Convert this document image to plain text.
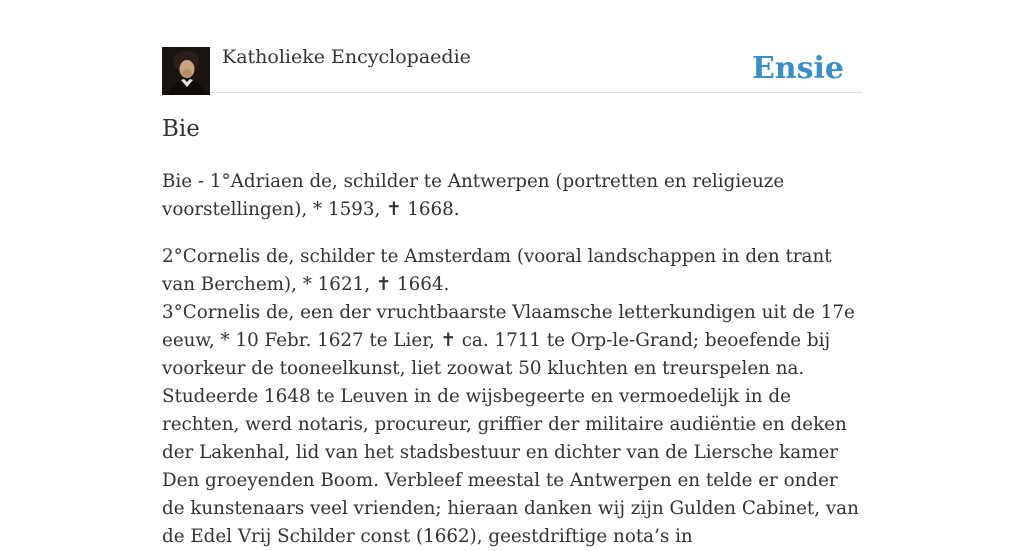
Katholieke Encyclopaedie	Ensie
Bie

Bie - 1°Adriaen de, schilder te Antwerpen (portretten en religieuze voorstellingen), * 1593, ✝ 1668.

2°Cornelis de, schilder te Amsterdam (vooral landschappen in den trant van Berchem), * 1621, ✝ 1664.
3°Cornelis de, een der vruchtbaarste Vlaamsche letterkundigen uit de 17e eeuw, * 10 Febr. 1627 te Lier, ✝ ca. 1711 te Orp-le-Grand; beoefende bij voorkeur de tooneelkunst, liet zoowat 50 kluchten en treurspelen na. Studeerde 1648 te Leuven in de wijsbegeerte en vermoedelijk in de rechten, werd notaris, procureur, griffier der militaire audiëntie en deken der Lakenhal, lid van het stadsbestuur en dichter van de Liersche kamer Den groeyenden Boom. Verbleef meestal te Antwerpen en telde er onder de kunstenaars veel vrienden; hieraan danken wij zijn Gulden Cabinet, van de Edel Vrij Schilder const (1662), geestdriftige nota’s in
